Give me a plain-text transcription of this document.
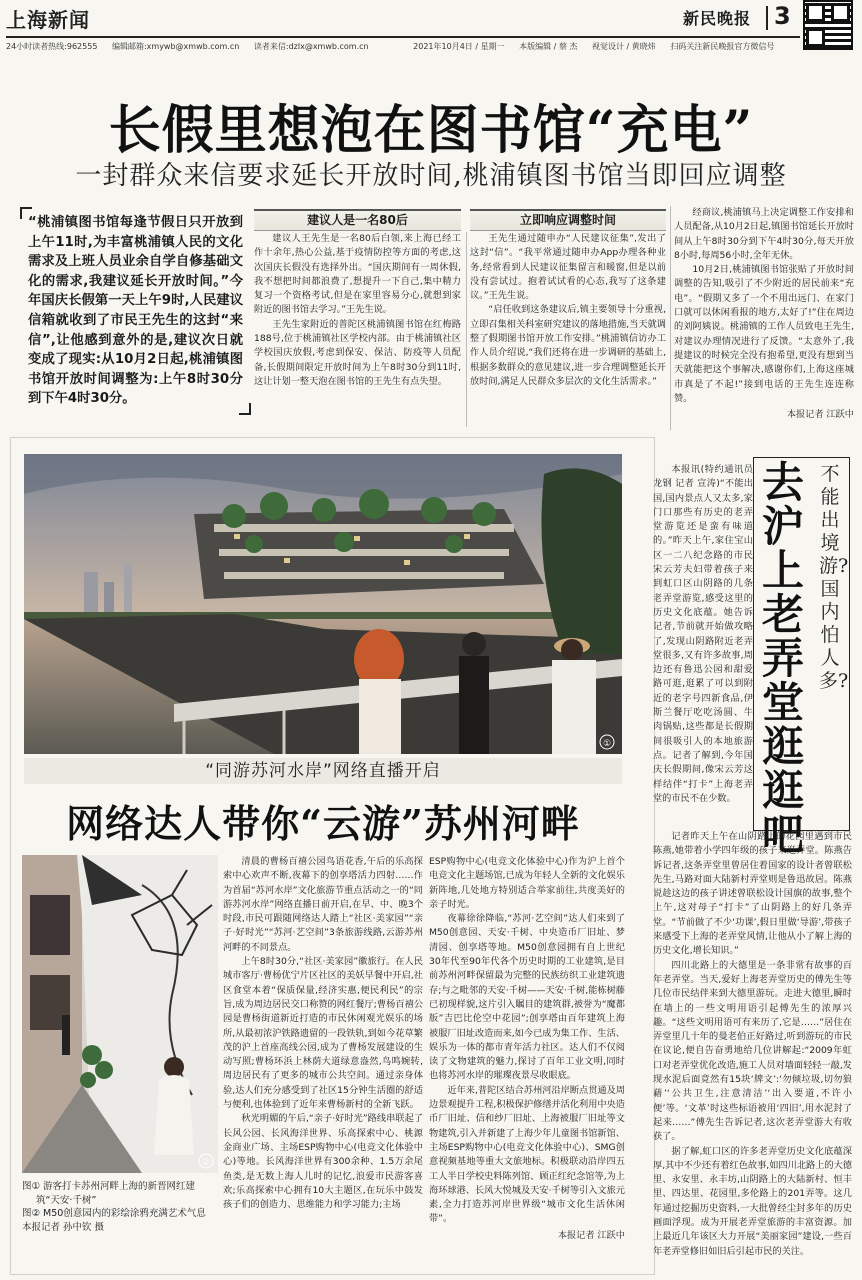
上海新闻	新民晚报 3
24小时读者热线:962555 编辑邮箱:xmywb@xmwb.com.cn 读者来信:dzlx@xmwb.com.cn	2021年10月4日 / 星期一 本版编辑 / 蔡 杰 视觉设计 / 黄晓炜 扫码关注新民晚报官方微信号
长假里想泡在图书馆“充电”
一封群众来信要求延长开放时间,桃浦镇图书馆当即回应调整
“桃浦镇图书馆每逢节假日只开放到上午11时,为丰富桃浦镇人民的文化需求及上班人员业余自学自修基础文化的需求,我建议延长开放时间。”今年国庆长假第一天上午9时,人民建议信箱就收到了市民王先生的这封“来信”,让他感到意外的是,建议次日就变成了现实:从10月2日起,桃浦镇图书馆开放时间调整为:上午8时30分到下午4时30分。
建议人是一名80后

建议人王先生是一名80后白领,来上海已经工作十余年,热心公益,基于疫情防控等方面的考虑,这次国庆长假没有选择外出。“国庆期间有一周休假,我不想把时间都浪费了,想提升一下自己,集中精力复习一个资格考试,但是在家里容易分心,就想到家附近的图书馆去学习。”王先生说。

王先生家附近的普陀区桃浦镇图书馆在红梅路188号,位于桃浦镇社区学校内部。由于桃浦镇社区学校国庆放假,考虑到保安、保洁、防疫等人员配备,长假期间限定开放时间为上午8时30分到11时,这让计划一整天泡在图书馆的王先生有点失望。

立即响应调整时间

王先生通过随申办“人民建议征集”,发出了这封“信”。“我平常通过随申办App办理各种业务,经常看到人民建议征集留言和暖窗,但是以前没有尝试过。抱着试试看的心态,我写了这条建议。”王先生说。

“启任收到这条建议后,镇主要领导十分重视,立即召集相关科室研究建议的落地措施,当天就调整了假期图书馆开放工作安排。”桃浦镇信访办工作人员介绍说,“我们还将在进一步调研的基础上,根据多数群众的意见建议,进一步合理调整延长开放时间,满足人民群众多层次的文化生活需求。”

经商议,桃浦镇马上决定调整工作安排和人员配备,从10月2日起,镇图书馆延长开放时间从上午8时30分到下午4时30分,每天开放8小时,每周56小时,全年无休。

10月2日,桃浦镇图书馆张贴了开放时间调整的告知,吸引了不少附近的居民前来“充电”。“假期又多了一个不用出远门、在家门口就可以休闲看报的地方,太好了!”住在周边的刘阿姨说。桃浦镇的工作人员致电王先生,对建议办理情况进行了反馈。“太意外了,我提建议的时候完全没有抱希望,更没有想到当天就能把这个事解决,感谢你们,上海这座城市真是了不起!”接到电话的王先生连连称赞。

本报记者 江跃中
①
“同游苏河水岸”网络直播开启
网络达人带你“云游”苏州河畔
②
图① 游客打卡苏州河畔上海的新晋网红建筑“天安·千树”
图② M50创意园内的彩绘涂鸦充满艺术气息
本报记者 孙中钦 摄

清晨的曹杨百禧公园鸟语花香,午后的乐高探索中心欢声不断,夜幕下的创享塔活力四射……作为首届“苏河水岸”文化旅游节重点活动之一的“同游苏河水岸”网络直播日前开启,在早、中、晚3个时段,市民可跟随网络达人踏上“社区·美家园”“亲子·好时光”“苏河·艺空间”3条旅游线路,云游苏州河畔的不同景点。

上午8时30分,“社区·美家园”徽旅行。在人民城市客厅·曹杨优宁片区社区的美妖早餐中开启,社区食堂本着“保质保量,经济实惠,便民利民”的宗旨,成为周边居民交口称赞的网红餐厅;曹杨百禧公园是曹杨街道新近打造的市民休闲观光娱乐的场所,从最初浓沪铁路遗留的一段铁轨,到如今花草繁茂的沪上首座高线公园,成为了曹杨发展建设的生动写照;曹杨环浜上林荫大道绿意盎然,鸟鸣婉转,周边居民有了更多的城市公共空间。通过亲身体验,达人们充分感受到了社区15分钟生活圈的舒适与便利,也体验到了近年来曹杨新村的全新飞跃。

秋光明媚的午后,“亲子·好时光”路线串联起了长风公园、长风海洋世界、乐高探索中心、桃源金商业广场、主场ESP购物中心(电竞文化体验中心)等地。长风海洋世界有300余种、1.5万余尾鱼类,是无数上海人儿时的记忆,浪爱市民游客喜欢;乐高探索中心拥有10大主题区,在玩乐中鼓发孩子们的创造力、思维能力和学习能力;主场

ESP购物中心(电竞文化体验中心)作为沪上首个电竞文化主题场馆,已成为年轻人全新的文化娱乐新阵地,几处地方特别适合举家前往,共度美好的亲子时光。

夜幕徐徐降临,“苏河·艺空间”达人们来到了M50创意园、天安·千树、中央造币厂旧址、梦清园、创享塔等地。M50创意园拥有自上世纪30年代至90年代各个历史时期的工业建筑,是目前苏州河畔保留最为完整的民族纺织工业建筑遗存;与之毗邻的天安·千树——天安·千树,能栋树藤已初现样貌,这片引入瞩目的建筑群,被誉为“魔都版”吉巴比伦空中花园”;创享塔由百年建筑上海被服厂旧址改造而来,如今已成为集工作、生活、娱乐为一体的都市青年活力社区。达人们不仅阅读了文物建筑的魅力,探讨了百年工业文明,同时也将苏河水岸的璀璨夜景尽收眼底。

近年来,普陀区结合苏州河沿岸断点贯通及周边景观提升工程,积极保护修缮并活化利用中央造币厂旧址、信和纱厂旧址、上海被服厂旧址等文物建筑,引入并新建了上海少年儿童图书馆新馆、主场ESP购物中心(电竞文化体验中心)、SMG创意视频基地等重大文旅地标。积极联动沿岸四五工人半日学校史料陈列馆、顾正红纪念馆等,为上海环球港、长风大悦城及天安·千树等引入文旅元素,全力打造苏河岸世界级“城市文化生活休闲带”。

本报记者 江跃中
去沪上老弄堂逛逛吧
不能出境游?国内怕人多?

本报讯(特约通讯员龙钢 记者 宣涛)“不能出国,国内景点人又太多,家门口那些有历史的老弄堂游览还是蛮有味道的。”昨天上午,家住宝山区一二八纪念路的市民宋云芳夫妇带着孩子来到虹口区山阴路的几条老弄堂游览,感受这里的历史文化底蕴。她告诉记者,节前就开始做攻略了,发现山阴路附近老弄堂很多,又有许多故事,周边还有鲁迅公园和甜爱路可逛,逛累了可以到附近的老字号四新食品,伊斯兰餐厅吃吃汤圆、牛肉锅贴,这些都是长假期间很吸引人的本地旅游点。记者了解到,今年国庆长假期间,像宋云芳这样结伴“打卡”上海老弄堂的市民不在少数。

记者昨天上午在山阴路上的花园里遇到市民陈燕,她带着小学四年级的孩子来逛弄堂。陈燕告诉记者,这条弄堂里曾居住着国家的设计者曾联松先生,马路对面大陆新村弄堂则是鲁迅故居。陈燕说趁这边的孩子讲述曾联松设计国旗的故事,整个上午,这对母子“打卡”了山阴路上的好几条弄堂。“节前做了不少‘功课’,假日里做‘导游’,带孩子来感受下上海的老弄堂风情,让他从小了解上海的历史文化,增长知识。”

四川北路上的大德里是一条非常有故事的百年老弄堂。当天,爱好上海老弄堂历史的傅先生等几位市民结伴来到大德里游玩。走进大德里,瞬时在墙上的一些文明用语引起傅先生的浓厚兴趣。“这些文明用语可有来历了,它是……”居住在弄堂里几十年的曼老伯正好路过,听到游玩的市民在议论,便自告奋勇地给几位讲解起:“2009年虹口对老弄堂优化改造,施工人员对墙面轻轻一敲,发现水泥后面竟然有15块‘牌文’:‘勿倾垃圾,切勿狼藉’‘公共卫生,注意清洁’‘出入要道,不许小便’等。‘文革’时这些标语被用‘四旧’,用水泥封了起来……”傅先生告诉记者,这次老弄堂游大有收获了。

据了解,虹口区的许多老弄堂历史文化底蕴深厚,其中不少还有着红色故事,如四川北路上的大德里、永安里、永丰坊,山阴路上的大陆新村、恒丰里、四达里、花园里,多伦路上的201弄等。这几年通过挖掘历史资料,一大批曾经尘封多年的历史画面浮现。成为开展老弄堂旅游的丰富资源。加上最近几年该区大力开展“美丽家园”建设,一些百年老弄堂修旧如旧后引起市民的关注。
